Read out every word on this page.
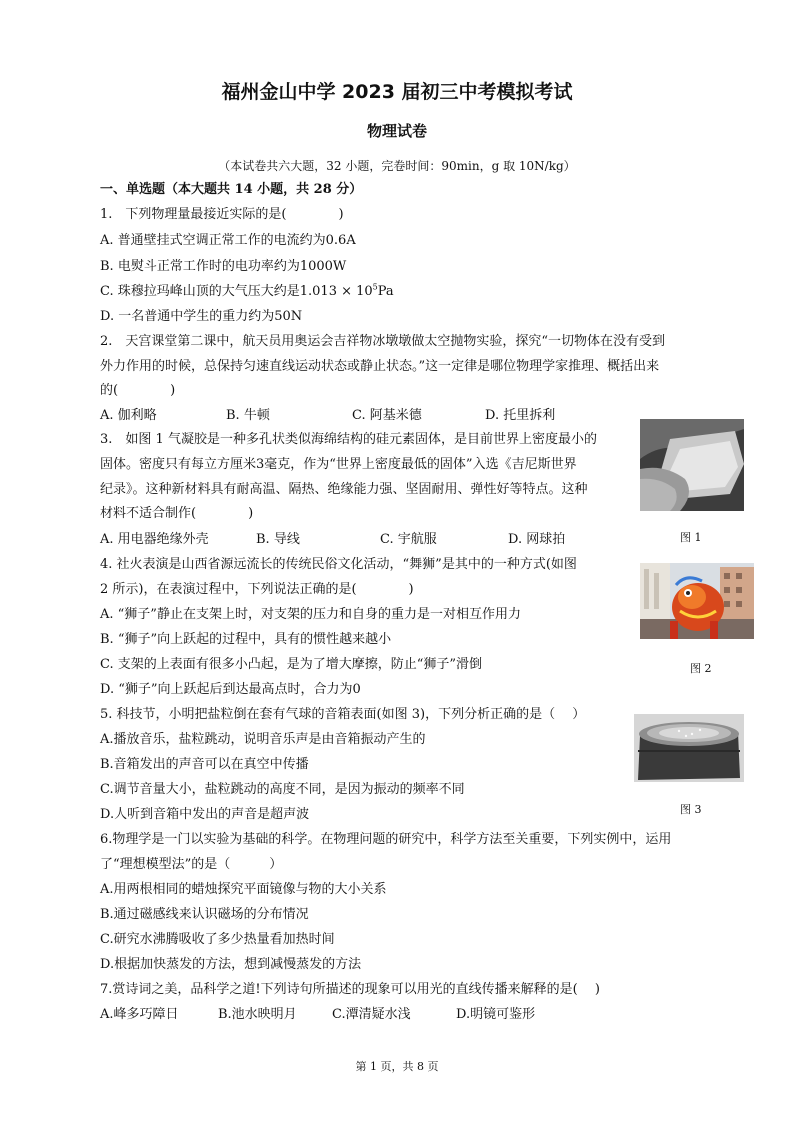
福州金山中学 2023 届初三中考模拟考试
物理试卷
（本试卷共六大题，32 小题，完卷时间：90min，g 取 10N/kg）
一、单选题（本大题共 14 小题，共 28 分）
1.　下列物理量最接近实际的是(　　　　)
A. 普通壁挂式空调正常工作的电流约为0.6A
B. 电熨斗正常工作时的电功率约为1000W
C. 珠穆拉玛峰山顶的大气压大约是$1.013 \times 10^5Pa$
D. 一名普通中学生的重力约为50N
2.　天宫课堂第二课中，航天员用奥运会吉祥物冰墩墩做太空抛物实验，探究“一切物体在没有受到
外力作用的时候，总保持匀速直线运动状态或静止状态。”这一定律是哪位物理学家推理、概括出来
的(　　　　)
A. 伽利略	B. 牛顿	C. 阿基米德	D. 托里拆利
3.　如图 1 气凝胶是一种多孔状类似海绵结构的硅元素固体，是目前世界上密度最小的
固体。密度只有每立方厘米3毫克，作为“世界上密度最低的固体”入选《吉尼斯世界
纪录》。这种新材料具有耐高温、隔热、绝缘能力强、坚固耐用、弹性好等特点。这种
材料不适合制作(　　　　)
A. 用电器绝缘外壳	B. 导线	C. 宇航服	D. 网球拍	图 1
4. 社火表演是山西省源远流长的传统民俗文化活动，“舞狮”是其中的一种方式(如图
2 所示)，在表演过程中，下列说法正确的是(　　　　)
A. “狮子”静止在支架上时，对支架的压力和自身的重力是一对相互作用力
B. “狮子”向上跃起的过程中，具有的惯性越来越小
C. 支架的上表面有很多小凸起，是为了增大摩擦，防止“狮子”滑倒
D. “狮子”向上跃起后到达最高点时，合力为0
图 2
5. 科技节，小明把盐粒倒在套有气球的音箱表面(如图 3)，下列分析正确的是（　 ）
A.播放音乐，盐粒跳动，说明音乐声是由音箱振动产生的
B.音箱发出的声音可以在真空中传播
C.调节音量大小，盐粒跳动的高度不同，是因为振动的频率不同
D.人听到音箱中发出的声音是超声波	图 3
6.物理学是一门以实验为基础的科学。在物理问题的研究中，科学方法至关重要，下列实例中，运用
了“理想模型法”的是（　　　）
A.用两根相同的蜡烛探究平面镜像与物的大小关系
B.通过磁感线来认识磁场的分布情况
C.研究水沸腾吸收了多少热量看加热时间
D.根据加快蒸发的方法，想到减慢蒸发的方法
7.赏诗词之美，品科学之道!下列诗句所描述的现象可以用光的直线传播来解释的是(　 )
A.峰多巧障日	B.池水映明月	C.潭清疑水浅	D.明镜可鉴形
第 1 页，共 8 页
